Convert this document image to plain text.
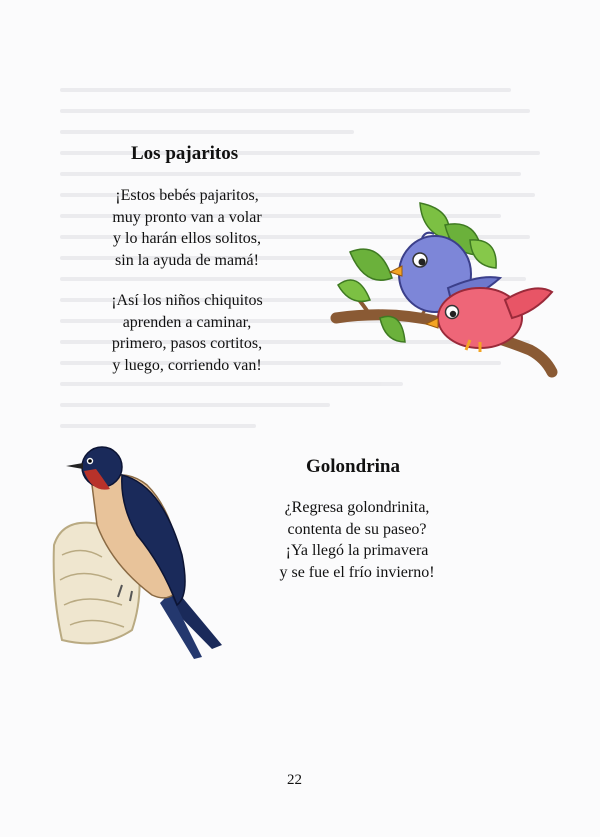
Los pajaritos
¡Estos bebés pajaritos,
muy pronto van a volar
y lo harán ellos solitos,
sin la ayuda de mamá!
¡Así los niños chiquitos
aprenden a caminar,
primero, pasos cortitos,
y luego, corriendo van!
Golondrina
¿Regresa golondrinita,
contenta de su paseo?
¡Ya llegó la primavera
y se fue el frío invierno!
22
